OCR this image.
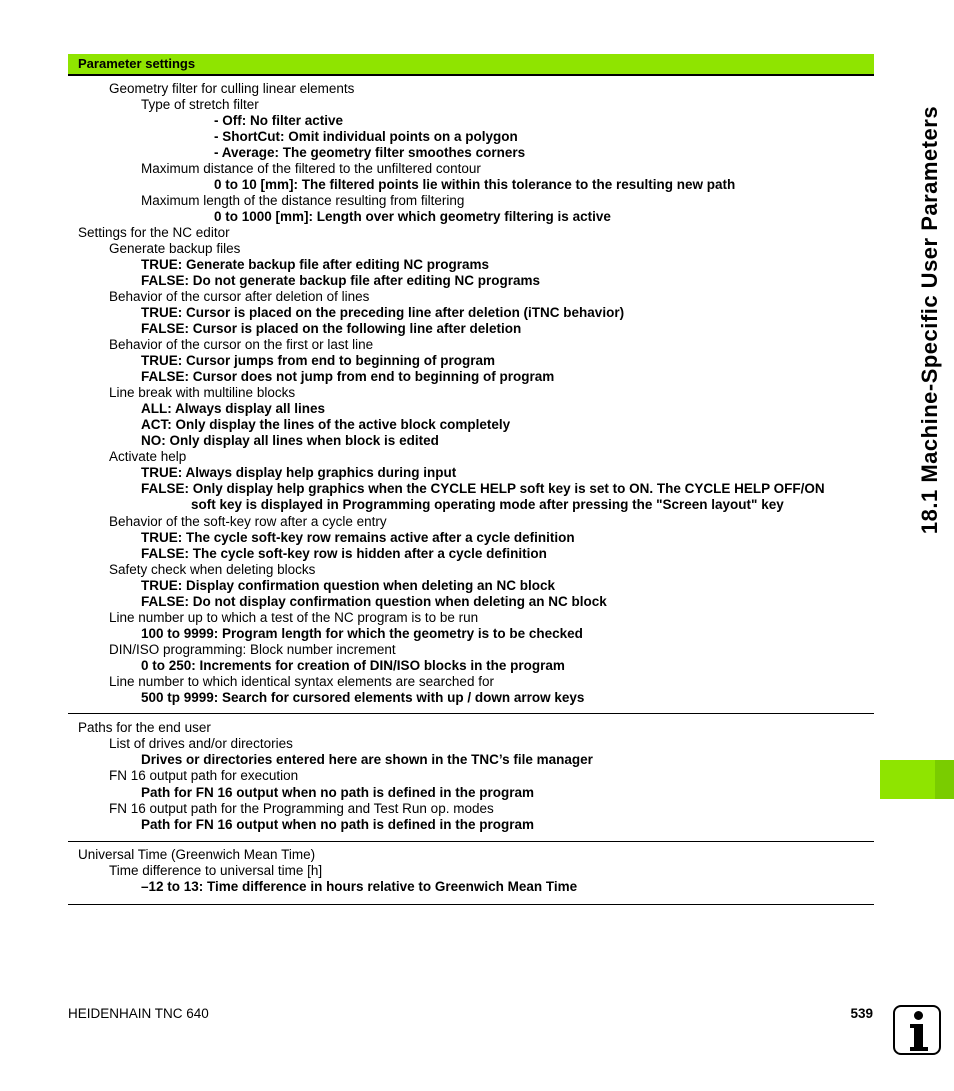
Parameter settings
Geometry filter for culling linear elements
Type of stretch filter
- Off: No filter active
- ShortCut: Omit individual points on a polygon
- Average: The geometry filter smoothes corners
Maximum distance of the filtered to the unfiltered contour
0 to 10 [mm]: The filtered points lie within this tolerance to the resulting new path
Maximum length of the distance resulting from filtering
0 to 1000 [mm]: Length over which geometry filtering is active
Settings for the NC editor
Generate backup files
TRUE: Generate backup file after editing NC programs
FALSE: Do not generate backup file after editing NC programs
Behavior of the cursor after deletion of lines
TRUE: Cursor is placed on the preceding line after deletion (iTNC behavior)
FALSE: Cursor is placed on the following line after deletion
Behavior of the cursor on the first or last line
TRUE: Cursor jumps from end to beginning of program
FALSE: Cursor does not jump from end to beginning of program
Line break with multiline blocks
ALL: Always display all lines
ACT: Only display the lines of the active block completely
NO: Only display all lines when block is edited
Activate help
TRUE: Always display help graphics during input
FALSE: Only display help graphics when the CYCLE HELP soft key is set to ON. The CYCLE HELP OFF/ON
soft key is displayed in Programming operating mode after pressing the "Screen layout" key
Behavior of the soft-key row after a cycle entry
TRUE: The cycle soft-key row remains active after a cycle definition
FALSE: The cycle soft-key row is hidden after a cycle definition
Safety check when deleting blocks
TRUE: Display confirmation question when deleting an NC block
FALSE: Do not display confirmation question when deleting an NC block
Line number up to which a test of the NC program is to be run
100 to 9999: Program length for which the geometry is to be checked
DIN/ISO programming: Block number increment
0 to 250: Increments for creation of DIN/ISO blocks in the program
Line number to which identical syntax elements are searched for
500 tp 9999: Search for cursored elements with up / down arrow keys
Paths for the end user
List of drives and/or directories
Drives or directories entered here are shown in the TNC’s file manager
FN 16 output path for execution
Path for FN 16 output when no path is defined in the program
FN 16 output path for the Programming and Test Run op. modes
Path for FN 16 output when no path is defined in the program
Universal Time (Greenwich Mean Time)
Time difference to universal time [h]
–12 to 13: Time difference in hours relative to Greenwich Mean Time
18.1 Machine-Specific User Parameters
HEIDENHAIN TNC 640	539
